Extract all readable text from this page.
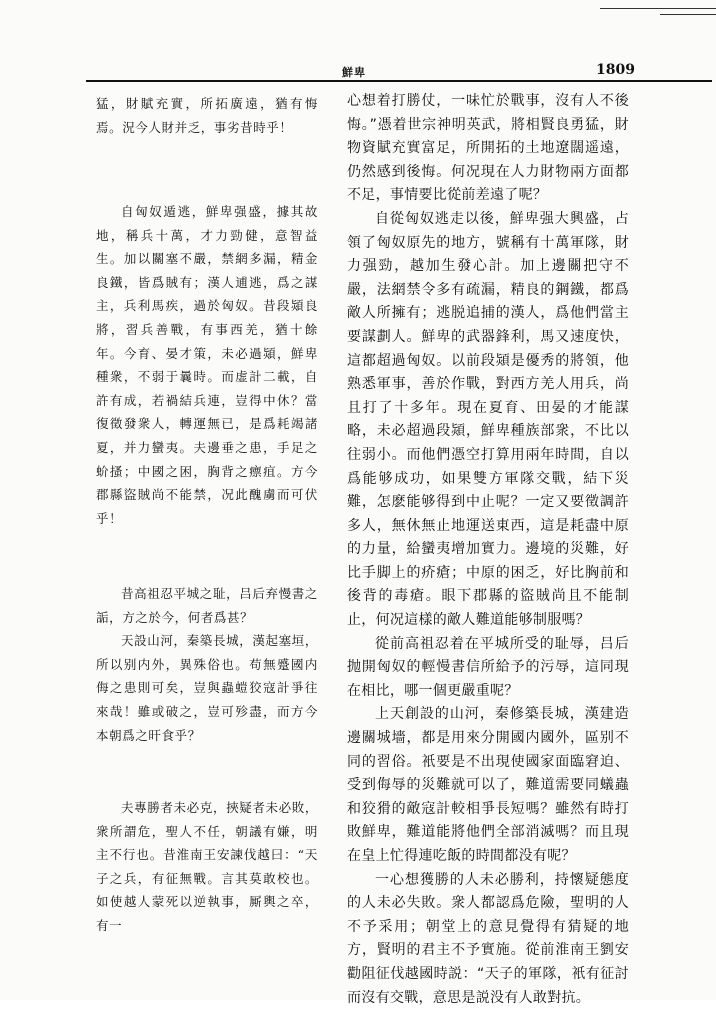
鮮卑	1809

猛，財賦充實，所拓廣遠，猶有悔焉。況今人財并乏，事劣昔時乎！

自匈奴遁逃，鮮卑强盛，據其故地，稱兵十萬，才力勁健，意智益生。加以關塞不嚴，禁網多漏，精金良鐵，皆爲賊有；漢人逋逃，爲之謀主，兵利馬疾，過於匈奴。昔段熲良將，習兵善戰，有事西羌，猶十餘年。今育、晏才策，未必過熲，鮮卑種衆，不弱于曩時。而虚計二載，自許有成，若禍結兵連，豈得中休？當復徵發衆人，轉運無已，是爲耗竭諸夏，并力蠻夷。夫邊垂之患，手足之蚧搔；中國之困，胸背之瘭疽。方今郡縣盜賊尚不能禁，况此醜虜而可伏乎！

昔高祖忍平城之耻，吕后弃慢書之詬，方之於今，何者爲甚？

天設山河，秦築長城，漢起塞垣，所以别内外，異殊俗也。苟無蹙國内侮之患則可矣，豈與蟲螘狡寇計爭往來哉！雖或破之，豈可殄盡，而方今本朝爲之旰食乎？

夫專勝者未必克，挾疑者未必敗，衆所謂危，聖人不任，朝議有嫌，明主不行也。昔淮南王安諫伐越曰：“天子之兵，有征無戰。言其莫敢校也。如使越人蒙死以逆執事，厮輿之卒，有一

心想着打勝仗，一味忙於戰事，沒有人不後悔。”憑着世宗神明英武，將相賢良勇猛，財物資賦充實富足，所開拓的土地遼闊遥遠，仍然感到後悔。何况現在人力財物兩方面都不足，事情要比從前差遠了呢？

自從匈奴逃走以後，鮮卑强大興盛，占領了匈奴原先的地方，號稱有十萬軍隊，財力强勁，越加生發心計。加上邊關把守不嚴，法網禁令多有疏漏，精良的鋼鐵，都爲敵人所擁有；逃脱追捕的漢人，爲他們當主要謀劃人。鮮卑的武器鋒利，馬又速度快，這都超過匈奴。以前段熲是優秀的將領，他熟悉軍事，善於作戰，對西方羌人用兵，尚且打了十多年。現在夏育、田晏的才能謀略，未必超過段熲，鮮卑種族部衆，不比以往弱小。而他們憑空打算用兩年時間，自以爲能够成功，如果雙方軍隊交戰，結下災難，怎麽能够得到中止呢？一定又要徵調許多人，無休無止地運送東西，這是耗盡中原的力量，給蠻夷增加實力。邊境的災難，好比手脚上的疥瘡；中原的困乏，好比胸前和後背的毒瘡。眼下郡縣的盜賊尚且不能制止，何况這樣的敵人難道能够制服嗎？

從前高祖忍着在平城所受的耻辱，吕后抛開匈奴的輕慢書信所給予的污辱，這同現在相比，哪一個更嚴重呢？

上天創設的山河，秦修築長城，漢建造邊關城墻，都是用來分開國内國外，區别不同的習俗。衹要是不出現使國家面臨窘迫、受到侮辱的災難就可以了，難道需要同蟻蟲和狡猾的敵寇計較相爭長短嗎？雖然有時打敗鮮卑，難道能將他們全部消滅嗎？而且現在皇上忙得連吃飯的時間都没有呢？

一心想獲勝的人未必勝利，持懷疑態度的人未必失敗。衆人都認爲危險，聖明的人不予采用；朝堂上的意見覺得有猜疑的地方，賢明的君主不予實施。從前淮南王劉安勸阻征伐越國時説：“天子的軍隊，衹有征討而沒有交戰，意思是説没有人敢對抗。
